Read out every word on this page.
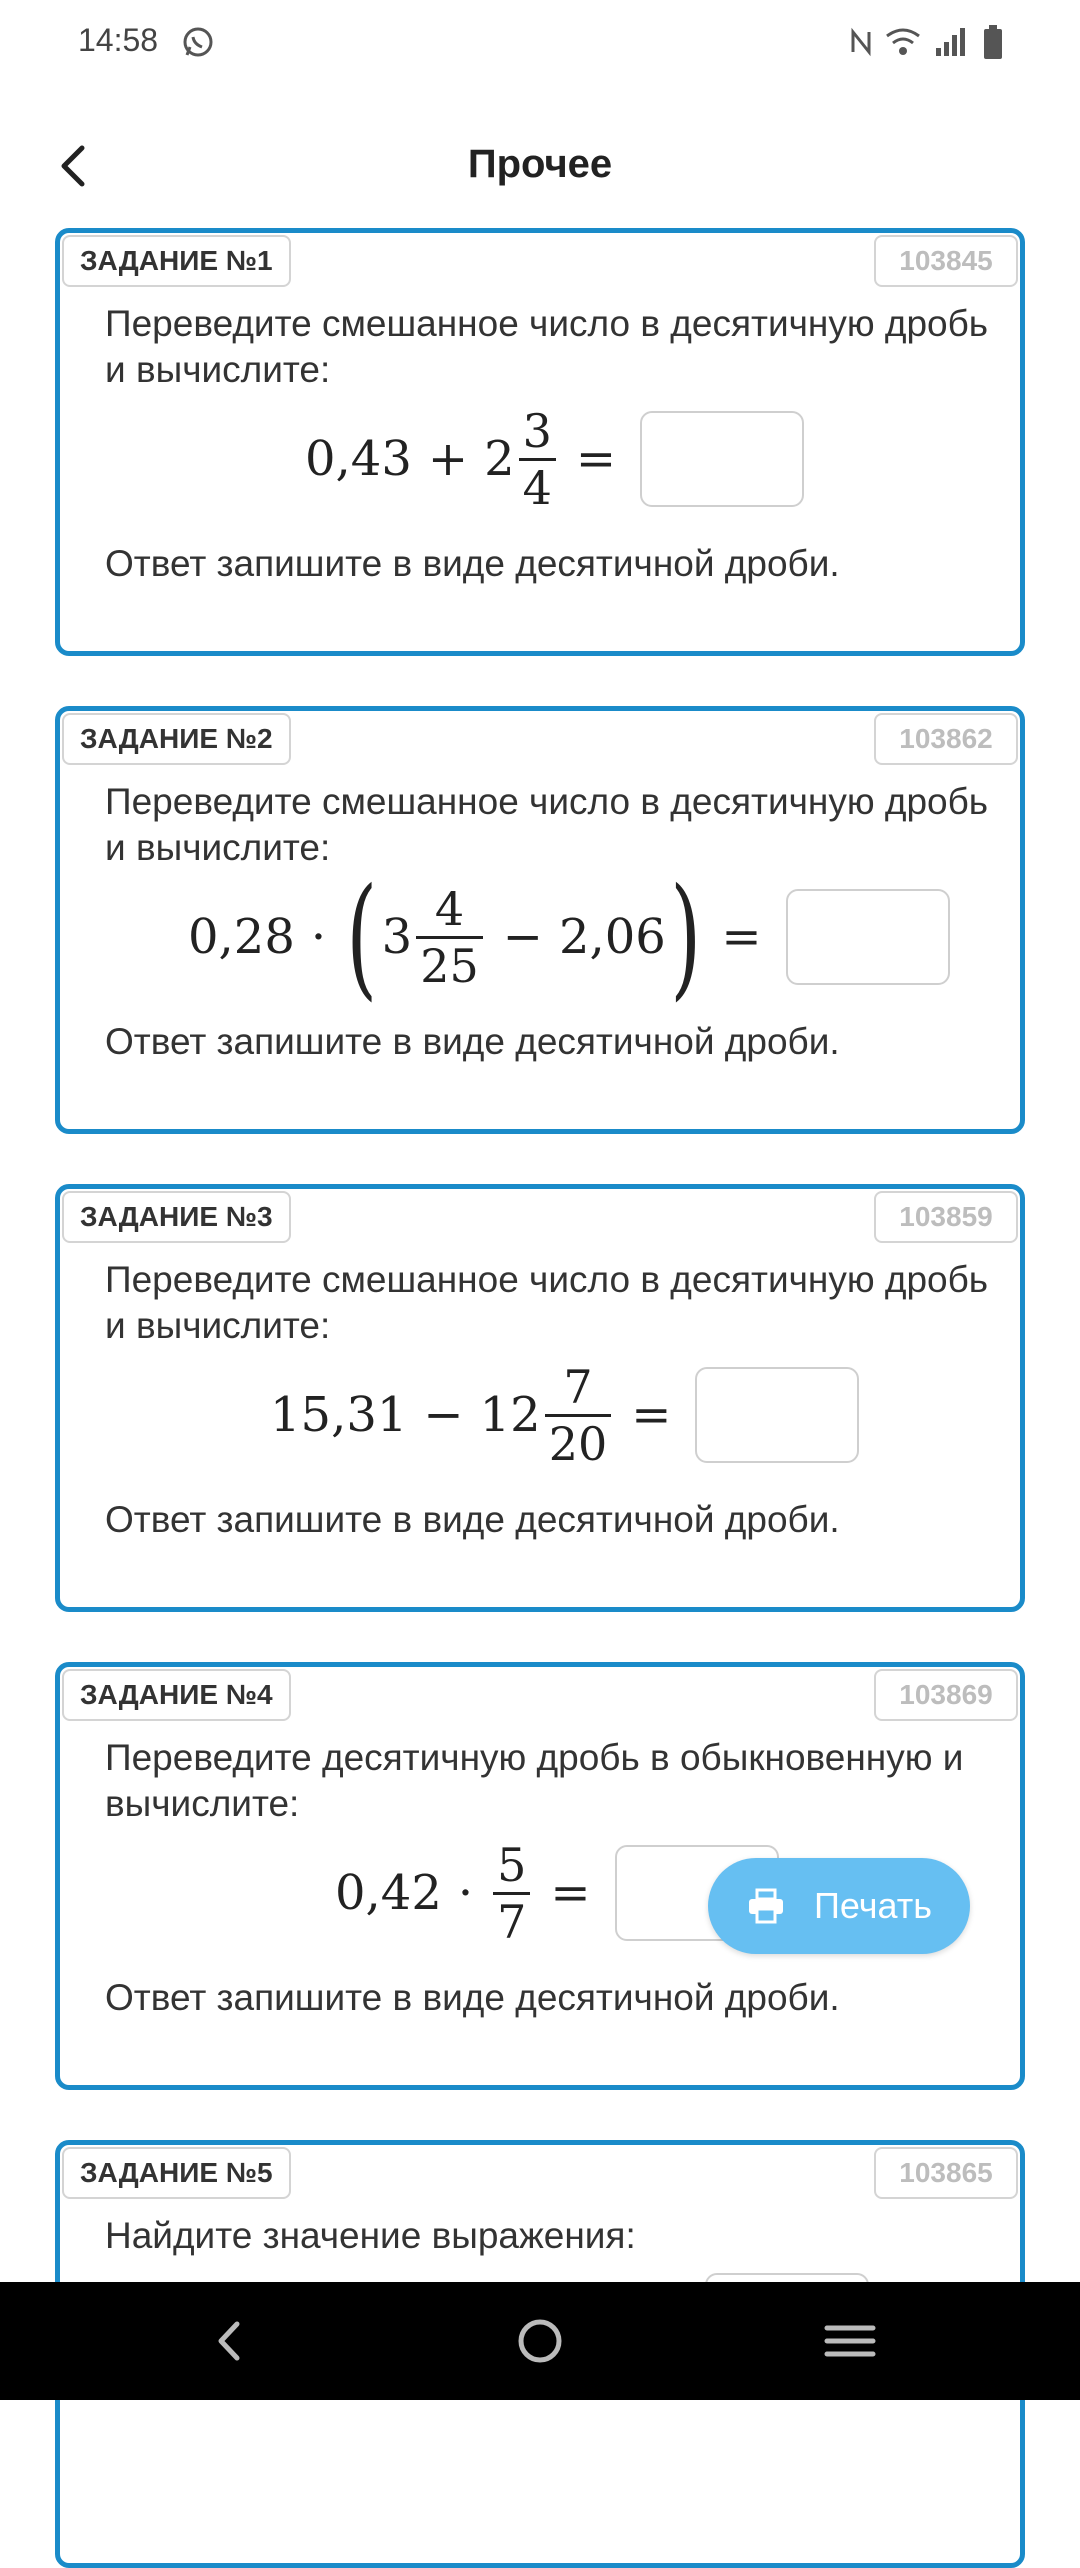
14:58
Прочее
ЗАДАНИЕ №1	103845
Переведите смешанное число в десятичную дробь и вычислите:
$0,43 + 2 \frac{3}{4}$ =
Ответ запишите в виде десятичной дроби.
ЗАДАНИЕ №2	103862
Переведите смешанное число в десятичную дробь и вычислите:
0,28 · ( $3 \frac{4}{25} - 2,06$ ) =
Ответ запишите в виде десятичной дроби.
ЗАДАНИЕ №3	103859
Переведите смешанное число в десятичную дробь и вычислите:
$15,31 - 12 \frac{7}{20}$ =
Ответ запишите в виде десятичной дроби.
ЗАДАНИЕ №4	103869
Переведите десятичную дробь в обыкновенную и вычислите:
$0,42 \cdot \frac{5}{7}$ =
Ответ запишите в виде десятичной дроби.
ЗАДАНИЕ №5	103865
Найдите значение выражения:
Печать
